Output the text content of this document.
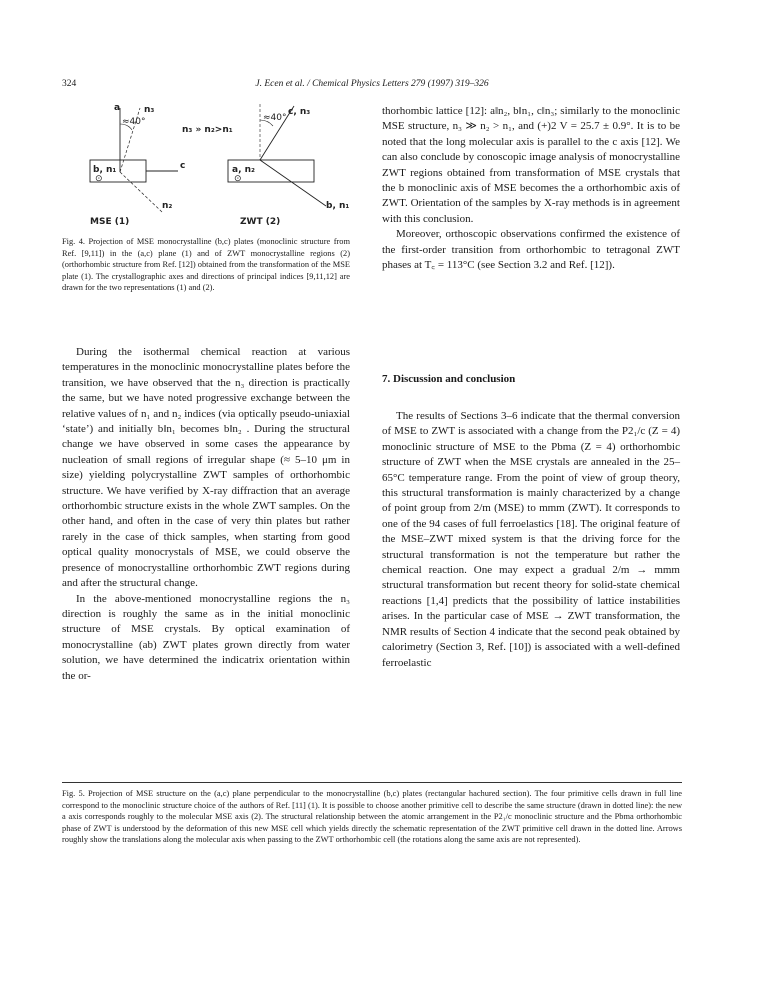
324	J. Ecen et al. / Chemical Physics Letters 279 (1997) 319–326
a	n₃
≈40°
n₃ » n₂>n₁
b, n₁
⊙
c
n₂
MSE (1)
≈40°
c, n₃
a, n₂
⊙
b, n₁
ZWT (2)
Fig. 4. Projection of MSE monocrystalline (b,c) plates (monoclinic structure from Ref. [9,11]) in the (a,c) plane (1) and of ZWT monocrystalline regions (2) (orthorhombic structure from Ref. [12]) obtained from the transformation of the MSE plate (1). The crystallographic axes and directions of principal indices [9,11,12] are drawn for the two representations (1) and (2).

During the isothermal chemical reaction at various temperatures in the monoclinic monocrystalline plates before the transition, we have observed that the n₃ direction is practically the same, but we have noted progressive exchange between the relative values of n₁ and n₂ indices (via optically pseudo-uniaxial ‘state’) and initially b‖n₁ becomes b‖n₂ . During the structural change we have observed in some cases the appearance by nucleation of small regions of irregular shape (≈ 5–10 μm in size) yielding polycrystalline ZWT samples of orthorhombic structure. We have verified by X-ray diffraction that an average orthorhombic structure exists in the whole ZWT samples. On the other hand, and often in the case of very thin plates but rather rarely in the case of thick samples, when starting from good optical quality monocrystals of MSE, we could observe the presence of monocrystalline orthorhombic ZWT regions during and after the structural change.

In the above-mentioned monocrystalline regions the n₃ direction is roughly the same as in the initial monoclinic structure of MSE crystals. By optical examination of monocrystalline (ab) ZWT plates grown directly from water solution, we have determined the indicatrix orientation within the or-

thorhombic lattice [12]: a‖n₂, b‖n₁, c‖n₃; similarly to the monoclinic MSE structure, n₃ ≫ n₂ > n₁, and (+)2 V = 25.7 ± 0.9°. It is to be noted that the long molecular axis is parallel to the c axis [12]. We can also conclude by conoscopic image analysis of monocrystalline ZWT regions obtained from transformation of MSE crystals that the b monoclinic axis of MSE becomes the a orthorhombic axis of ZWT. Orientation of the samples by X-ray methods is in agreement with this conclusion.

Moreover, orthoscopic observations confirmed the existence of the first-order transition from orthorhombic to tetragonal ZWT phases at T꜀ = 113°C (see Section 3.2 and Ref. [12]).

7. Discussion and conclusion

The results of Sections 3–6 indicate that the thermal conversion of MSE to ZWT is associated with a change from the P2₁/c (Z = 4) monoclinic structure of MSE to the Pbma (Z = 4) orthorhombic structure of ZWT when the MSE crystals are annealed in the 25–65°C temperature range. From the point of view of group theory, this structural transformation is mainly characterized by a change of point group from 2/m (MSE) to mmm (ZWT). It corresponds to one of the 94 cases of full ferroelastics [18]. The original feature of the MSE–ZWT mixed system is that the driving force for the structural transformation is not the temperature but rather the chemical reaction. One may expect a gradual 2/m → mmm structural transformation but recent theory for solid-state chemical reactions [1,4] predicts that the possibility of lattice instabilities arises. In the particular case of MSE → ZWT transformation, the NMR results of Section 4 indicate that the second peak obtained by calorimetry (Section 3, Ref. [10]) is associated with a well-defined ferroelastic

Fig. 5. Projection of MSE structure on the (a,c) plane perpendicular to the monocrystalline (b,c) plates (rectangular hachured section). The four primitive cells drawn in full line correspond to the monoclinic structure choice of the authors of Ref. [11] (1). It is possible to choose another primitive cell to describe the same structure (drawn in dotted line): the new a axis corresponds roughly to the molecular MSE axis (2). The structural relationship between the atomic arrangement in the P2₁/c monoclinic structure and the Pbma orthorhombic phase of ZWT is understood by the deformation of this new MSE cell which yields directly the schematic representation of the ZWT primitive cell drawn in the dotted line. Arrows roughly show the translations along the molecular axis when passing to the ZWT orthorhombic cell (the rotations along the same axis are not represented).
